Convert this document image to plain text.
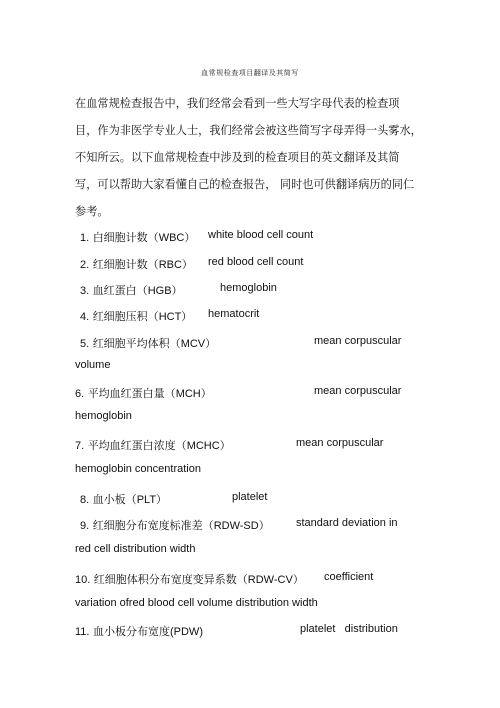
血常规检查项目翻译及其简写
在血常规检查报告中，我们经常会看到一些大写字母代表的检查项
目，作为非医学专业人士，我们经常会被这些简写字母弄得一头雾水，
不知所云。以下血常规检查中涉及到的检查项目的英文翻译及其简
写，可以帮助大家看懂自己的检查报告， 同时也可供翻译病历的同仁
参考。
1. 白细胞计数（WBC） white blood cell count
2. 红细胞计数（RBC） red blood cell count
3. 血红蛋白（HGB）	hemoglobin
4. 红细胞压积（HCT） hematocrit
5. 红细胞平均体积（MCV）	mean corpuscular
volume
6. 平均血红蛋白量（MCH）	mean corpuscular
hemoglobin
7. 平均血红蛋白浓度（MCHC）	mean corpuscular
hemoglobin concentration
8. 血小板（PLT）	platelet
9. 红细胞分布宽度标准差（RDW-SD） standard deviation in
red cell distribution width
10. 红细胞体积分布宽度变异系数（RDW-CV） coefficient
variation ofred blood cell volume distribution width
11. 血小板分布宽度(PDW)	platelet   distribution
